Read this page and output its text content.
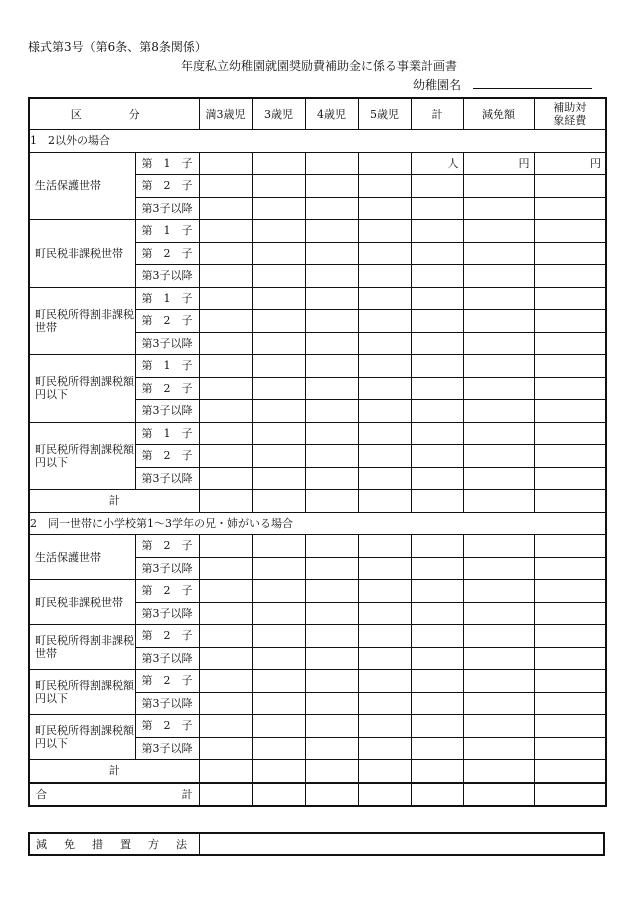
様式第3号（第6条、第8条関係）
年度私立幼稚園就園奨励費補助金に係る事業計画書
幼稚園名
区　分		満3歳児	3歳児	4歳児	5歳児	計	減免額	補助対
象経費
1　2以外の場合								
生活保護世帯	第　1　子					人	円	円
	第　2　子							
	第3子以降							
町民税非課税世帯	第　1　子							
	第　2　子							
	第3子以降							
町民税所得割非課税世帯	第　1　子							
	第　2　子							
	第3子以降							
町民税所得割課税額　　　円以下	第　1　子							
	第　2　子							
	第3子以降							
町民税所得割課税額　　　円以下	第　1　子							
	第　2　子							
	第3子以降							
計								
2　同一世帯に小学校第1～3学年の兄・姉がいる場合								
生活保護世帯	第　2　子							
	第3子以降							
町民税非課税世帯	第　2　子							
	第3子以降							
町民税所得割非課税世帯	第　2　子							
	第3子以降							
町民税所得割課税額　　　円以下	第　2　子							
	第3子以降							
町民税所得割課税額　　　円以下	第　2　子							
	第3子以降							
計								

合 計								

減免措置方法	
